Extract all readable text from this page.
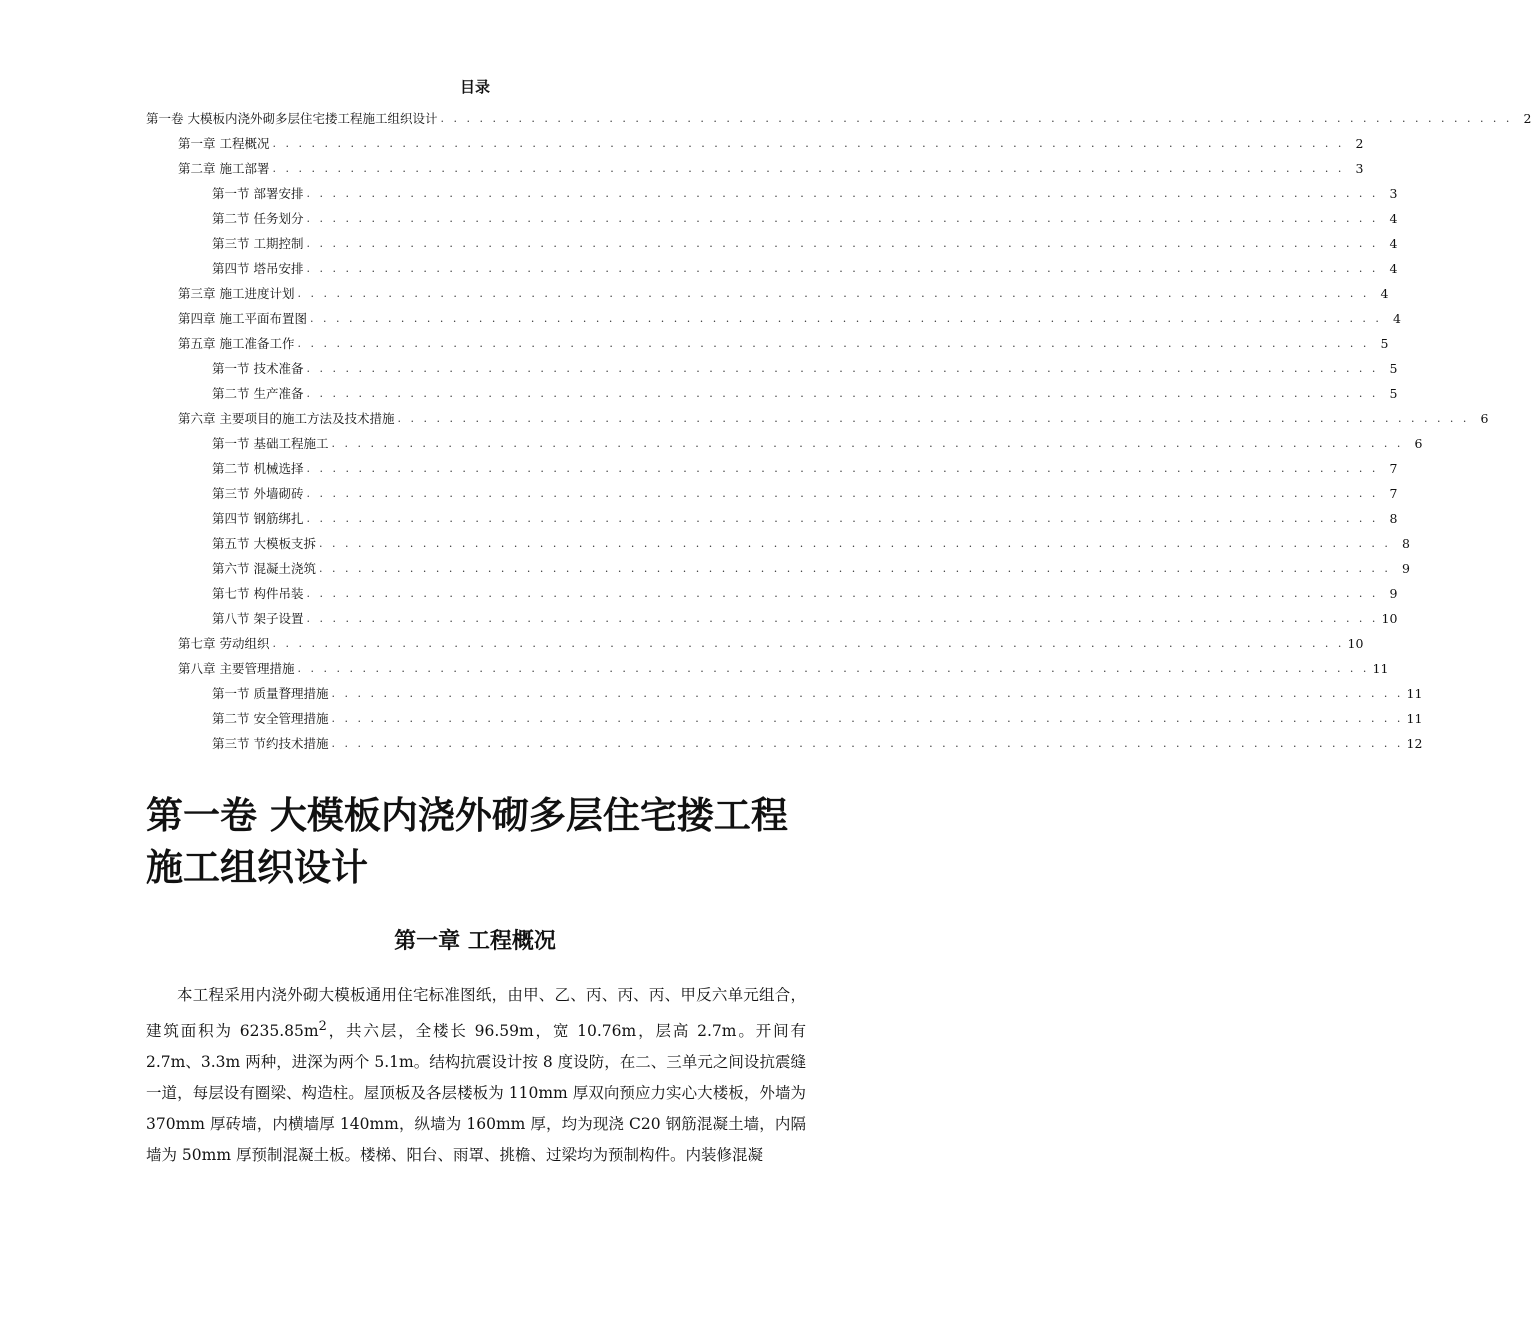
目录
第一卷 大模板内浇外砌多层住宅搂工程施工组织设计 . . . . . . . . . . . . . . . . . . . . . . . . . . . . . . . . . . . . . . . . . . . . . . . . . . . . . . . . . . . . . . . . . . . . . . . . . . . . . . . . . . . 2
第一章 工程概况 . . . . . . . . . . . . . . . . . . . . . . . . . . . . . . . . . . . . . . . . . . . . . . . . . . . . . . . . . . . . . . . . . . . . . . . . . . . . . . . . . . . 2
第二章 施工部署 . . . . . . . . . . . . . . . . . . . . . . . . . . . . . . . . . . . . . . . . . . . . . . . . . . . . . . . . . . . . . . . . . . . . . . . . . . . . . . . . . . . 3
第一节 部署安排 . . . . . . . . . . . . . . . . . . . . . . . . . . . . . . . . . . . . . . . . . . . . . . . . . . . . . . . . . . . . . . . . . . . . . . . . . . . . . . . . . . . 3
第二节 任务划分 . . . . . . . . . . . . . . . . . . . . . . . . . . . . . . . . . . . . . . . . . . . . . . . . . . . . . . . . . . . . . . . . . . . . . . . . . . . . . . . . . . . 4
第三节 工期控制 . . . . . . . . . . . . . . . . . . . . . . . . . . . . . . . . . . . . . . . . . . . . . . . . . . . . . . . . . . . . . . . . . . . . . . . . . . . . . . . . . . . 4
第四节 塔吊安排 . . . . . . . . . . . . . . . . . . . . . . . . . . . . . . . . . . . . . . . . . . . . . . . . . . . . . . . . . . . . . . . . . . . . . . . . . . . . . . . . . . . 4
第三章 施工进度计划 . . . . . . . . . . . . . . . . . . . . . . . . . . . . . . . . . . . . . . . . . . . . . . . . . . . . . . . . . . . . . . . . . . . . . . . . . . . . . . . . . . . 4
第四章 施工平面布置图 . . . . . . . . . . . . . . . . . . . . . . . . . . . . . . . . . . . . . . . . . . . . . . . . . . . . . . . . . . . . . . . . . . . . . . . . . . . . . . . . . . . 4
第五章 施工准备工作 . . . . . . . . . . . . . . . . . . . . . . . . . . . . . . . . . . . . . . . . . . . . . . . . . . . . . . . . . . . . . . . . . . . . . . . . . . . . . . . . . . . 5
第一节 技术准备 . . . . . . . . . . . . . . . . . . . . . . . . . . . . . . . . . . . . . . . . . . . . . . . . . . . . . . . . . . . . . . . . . . . . . . . . . . . . . . . . . . . 5
第二节 生产准备 . . . . . . . . . . . . . . . . . . . . . . . . . . . . . . . . . . . . . . . . . . . . . . . . . . . . . . . . . . . . . . . . . . . . . . . . . . . . . . . . . . . 5
第六章 主要项目的施工方法及技术措施 . . . . . . . . . . . . . . . . . . . . . . . . . . . . . . . . . . . . . . . . . . . . . . . . . . . . . . . . . . . . . . . . . . . . . . . . . . . . . . . . . . . 6
第一节 基础工程施工 . . . . . . . . . . . . . . . . . . . . . . . . . . . . . . . . . . . . . . . . . . . . . . . . . . . . . . . . . . . . . . . . . . . . . . . . . . . . . . . . . . . 6
第二节 机械选择 . . . . . . . . . . . . . . . . . . . . . . . . . . . . . . . . . . . . . . . . . . . . . . . . . . . . . . . . . . . . . . . . . . . . . . . . . . . . . . . . . . . 7
第三节 外墙砌砖 . . . . . . . . . . . . . . . . . . . . . . . . . . . . . . . . . . . . . . . . . . . . . . . . . . . . . . . . . . . . . . . . . . . . . . . . . . . . . . . . . . . 7
第四节 钢筋绑扎 . . . . . . . . . . . . . . . . . . . . . . . . . . . . . . . . . . . . . . . . . . . . . . . . . . . . . . . . . . . . . . . . . . . . . . . . . . . . . . . . . . . 8
第五节 大模板支拆 . . . . . . . . . . . . . . . . . . . . . . . . . . . . . . . . . . . . . . . . . . . . . . . . . . . . . . . . . . . . . . . . . . . . . . . . . . . . . . . . . . . 8
第六节 混凝土浇筑 . . . . . . . . . . . . . . . . . . . . . . . . . . . . . . . . . . . . . . . . . . . . . . . . . . . . . . . . . . . . . . . . . . . . . . . . . . . . . . . . . . . 9
第七节 构件吊装 . . . . . . . . . . . . . . . . . . . . . . . . . . . . . . . . . . . . . . . . . . . . . . . . . . . . . . . . . . . . . . . . . . . . . . . . . . . . . . . . . . . 9
第八节 架子设置 . . . . . . . . . . . . . . . . . . . . . . . . . . . . . . . . . . . . . . . . . . . . . . . . . . . . . . . . . . . . . . . . . . . . . . . . . . . . . . . . . . . 10
第七章 劳动组织 . . . . . . . . . . . . . . . . . . . . . . . . . . . . . . . . . . . . . . . . . . . . . . . . . . . . . . . . . . . . . . . . . . . . . . . . . . . . . . . . . . . 10
第八章 主要管理措施 . . . . . . . . . . . . . . . . . . . . . . . . . . . . . . . . . . . . . . . . . . . . . . . . . . . . . . . . . . . . . . . . . . . . . . . . . . . . . . . . . . . 11
第一节 质量瞀理措施 . . . . . . . . . . . . . . . . . . . . . . . . . . . . . . . . . . . . . . . . . . . . . . . . . . . . . . . . . . . . . . . . . . . . . . . . . . . . . . . . . . . 11
第二节 安全管理措施 . . . . . . . . . . . . . . . . . . . . . . . . . . . . . . . . . . . . . . . . . . . . . . . . . . . . . . . . . . . . . . . . . . . . . . . . . . . . . . . . . . . 11
第三节 节约技术措施 . . . . . . . . . . . . . . . . . . . . . . . . . . . . . . . . . . . . . . . . . . . . . . . . . . . . . . . . . . . . . . . . . . . . . . . . . . . . . . . . . . . 12
第一卷 大模板内浇外砌多层住宅搂工程施工组织设计
第一章 工程概况

本工程采用内浇外砌大模板通用住宅标准图纸，由甲、乙、丙、丙、丙、甲反六单元组合，建筑面积为 $6235.85m^2$，共六层，全楼长 96.59m，宽 10.76m，层高 2.7m。开间有 2.7m、3.3m 两种，进深为两个 5.1m。结构抗震设计按 8 度设防，在二、三单元之间设抗震缝一道，每层设有圈梁、构造柱。屋顶板及各层楼板为 110mm 厚双向预应力实心大楼板，外墙为 370mm 厚砖墙，内横墙厚 140mm，纵墙为 160mm 厚，均为现浇 C20 钢筋混凝土墙，内隔墙为 50mm 厚预制混凝土板。楼梯、阳台、雨罩、挑檐、过梁均为预制构件。内装修混凝
